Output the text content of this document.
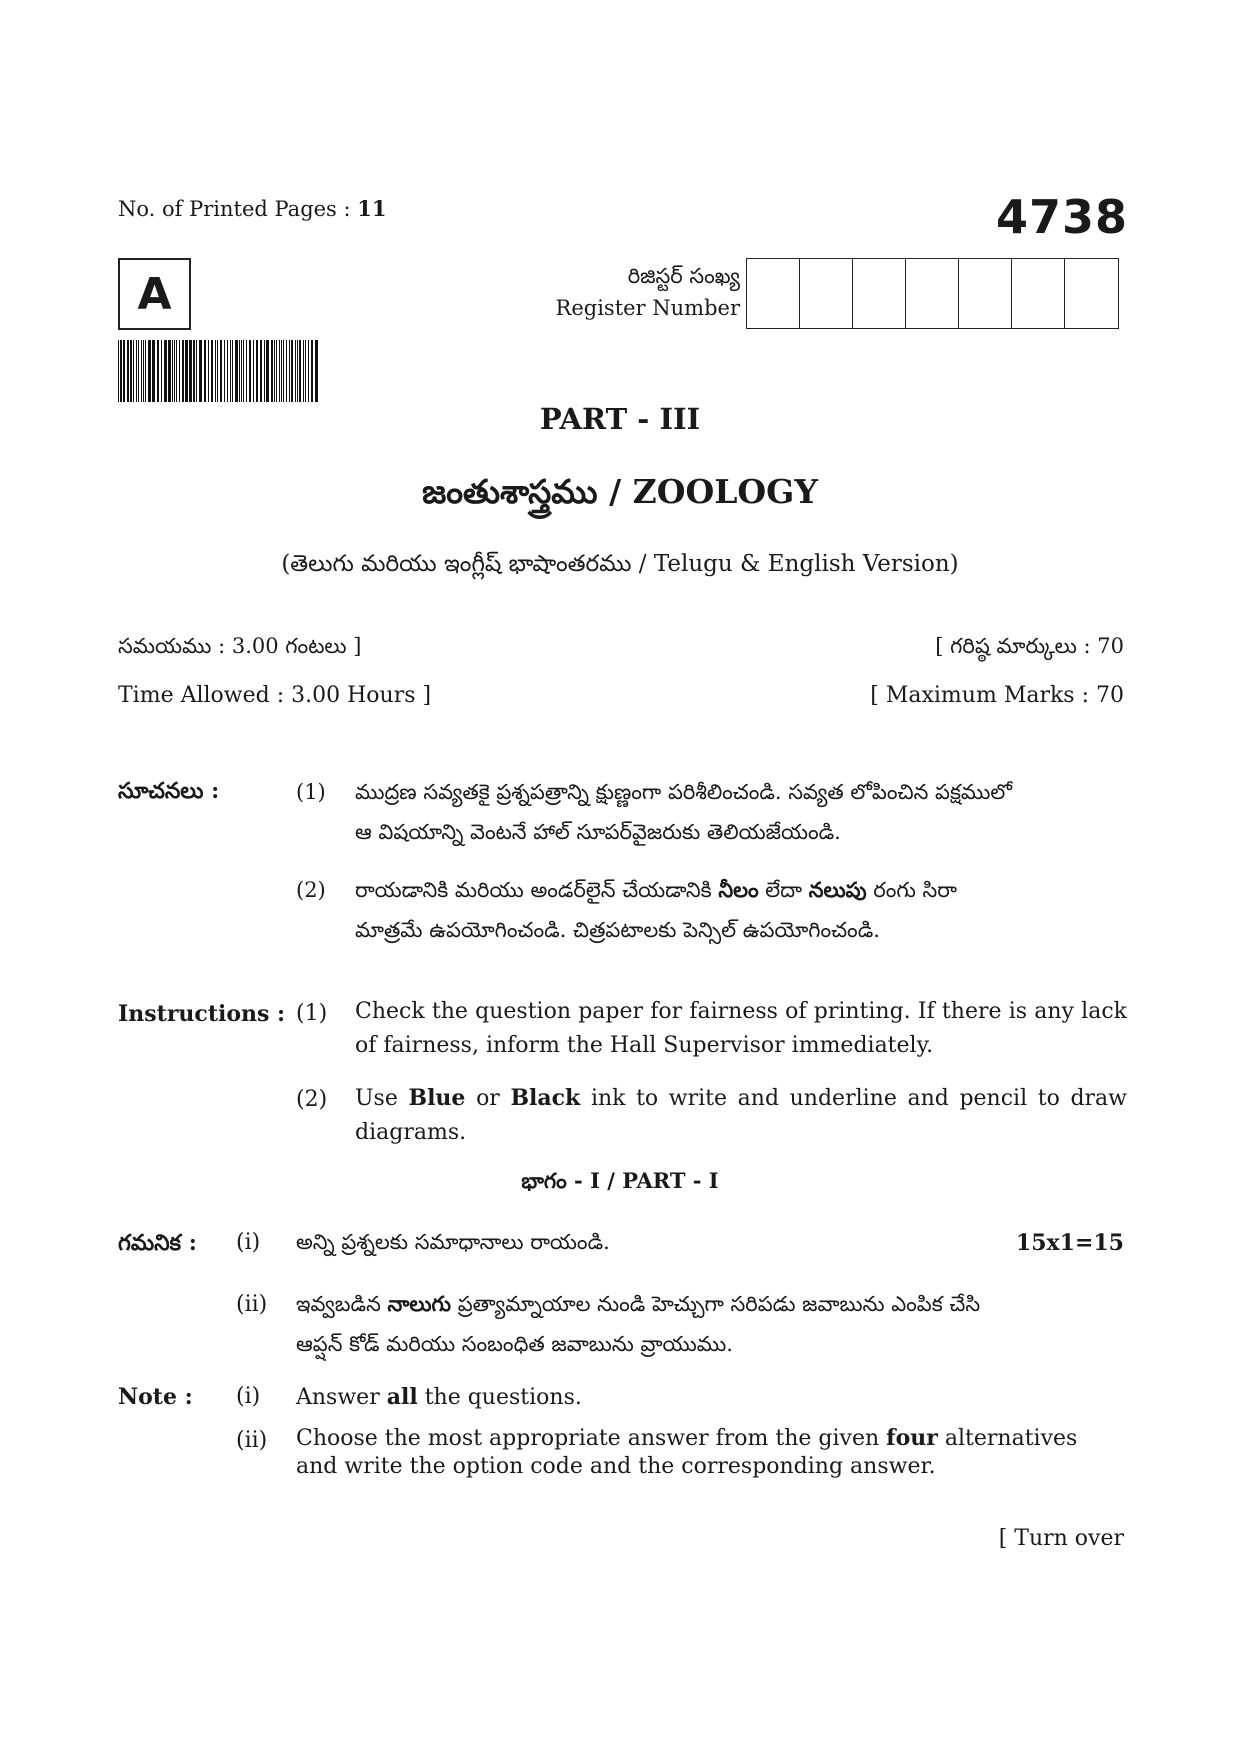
No. of Printed Pages : 11	4738
A	రిజిస్టర్ సంఖ్య
Register Number
PART - III
జంతుశాస్త్రము / ZOOLOGY
(తెలుగు మరియు ఇంగ్లీష్ భాషాంతరము / Telugu & English Version)
సమయము : 3.00 గంటలు ]	[ గరిష్ఠ మార్కులు : 70
Time Allowed : 3.00 Hours ]	[ Maximum Marks : 70
సూచనలు :	(1) ముద్రణ సవ్యతకై ప్రశ్నపత్రాన్ని క్షుణ్ణంగా పరిశీలించండి. సవ్యత లోపించిన పక్షములో
ఆ విషయాన్ని వెంటనే హాల్ సూపర్‌వైజరుకు తెలియజేయండి.
(2) రాయడానికి మరియు అండర్‌లైన్ చేయడానికి నీలం లేదా నలుపు రంగు సిరా
మాత్రమే ఉపయోగించండి. చిత్రపటాలకు పెన్సిల్ ఉపయోగించండి.
Instructions : (1) Check the question paper for fairness of printing. If there is any lack of fairness, inform the Hall Supervisor immediately.
(2) Use Blue or Black ink to write and underline and pencil to draw diagrams.
భాగం - I / PART - I
గమనిక : (i) అన్ని ప్రశ్నలకు సమాధానాలు రాయండి.	15x1=15
(ii) ఇవ్వబడిన నాలుగు ప్రత్యామ్నాయాల నుండి హెచ్చుగా సరిపడు జవాబును ఎంపిక చేసి
ఆప్షన్ కోడ్ మరియు సంబంధిత జవాబును వ్రాయుము.
Note : (i) Answer all the questions.
(ii) Choose the most appropriate answer from the given four alternatives
and write the option code and the corresponding answer.
[ Turn over
